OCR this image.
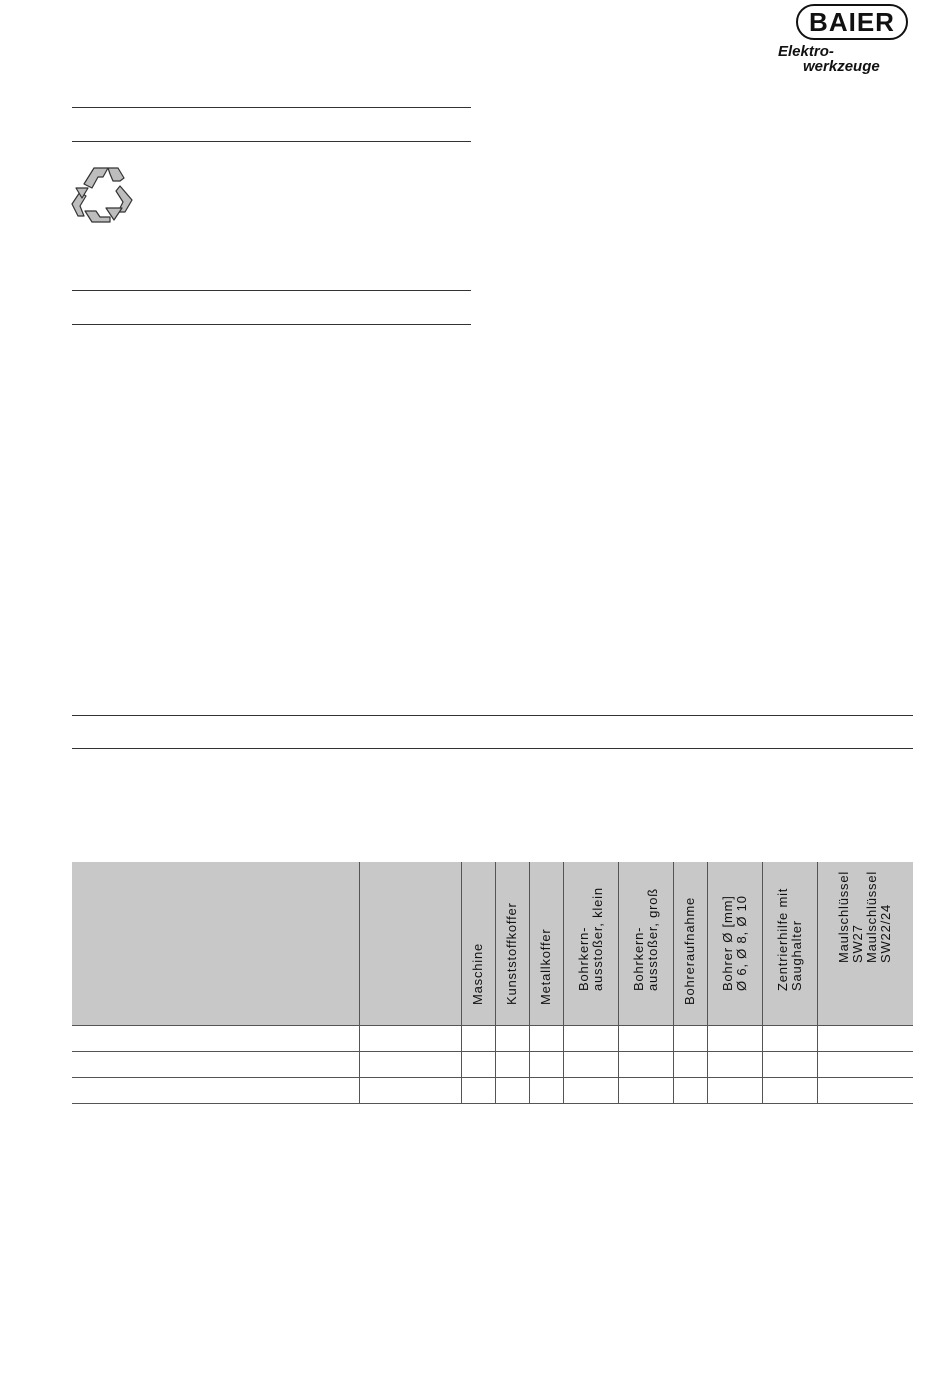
BAIER
Elektro-
werkzeuge

		Maschine	Kunststoffkoffer	Metallkoffer	Bohrkern-
ausstoßer, klein	Bohrkern-
ausstoßer, groß	Bohreraufnahme	Bohrer Ø [mm]
Ø 6, Ø 8, Ø 10	Zentrierhilfe mit
Saughalter	Maulschlüssel
SW27
Maulschlüssel
SW22/24
